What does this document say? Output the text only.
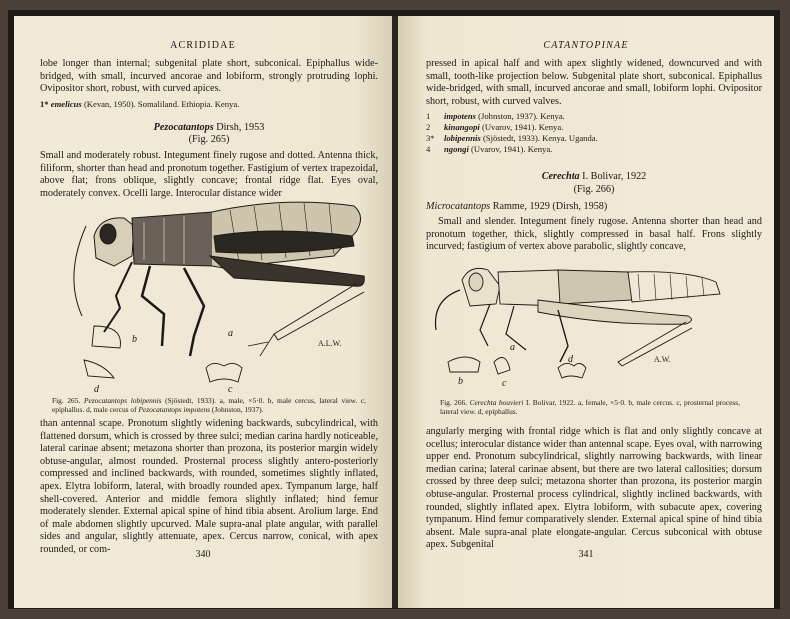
ACRIDIDAE

lobe longer than internal; subgenital plate short, subconical. Epiphallus wide-bridged, with small, incurved ancorae and lobiform, strongly protruding lophi. Ovipositor short, robust, with curved apices.

1* emelicus (Kevan, 1950). Somaliland. Ethiopia. Kenya.

Pezocatantops Dirsh, 1953

(Fig. 265)

Small and moderately robust. Integument finely rugose and dotted. Antenna thick, filiform, shorter than head and pronotum together. Fastigium of vertex trapezoidal, above flat; frons oblique, slightly concave; frontal ridge flat. Eyes oval, moderately convex. Ocelli large. Interocular distance wider

b
a
c
d
A.L.W.
Fig. 265. Pezocatantops lobipennis (Sjöstedt, 1933). a, male, ×5·0. b, male cercus, lateral view. c, epiphallus. d, male cercus of Pezocatantops impotens (Johnston, 1937).

than antennal scape. Pronotum slightly widening backwards, subcylindrical, with flattened dorsum, which is crossed by three sulci; median carina hardly noticeable, lateral carinae absent; metazona shorter than prozona, its posterior margin widely obtuse-angular, almost rounded. Prosternal process slightly antero-posteriorly compressed and inclined backwards, with rounded, sometimes slightly inflated, apex. Elytra lobiform, lateral, with broadly rounded apex. Tympanum large, half shell-covered. Anterior and middle femora slightly inflated; hind femur moderately slender. External apical spine of hind tibia absent. Arolium large. End of male abdomen slightly upcurved. Male supra-anal plate angular, with parallel sides and angular, slightly attenuate, apex. Cercus narrow, conical, with apex rounded, or com-	340
CATANTOPINAE

pressed in apical half and with apex slightly widened, downcurved and with small, tooth-like projection below. Subgenital plate short, subconical. Epiphallus wide-bridged, with small, incurved ancorae and small, lobiform lophi. Ovipositor short, robust, with curved valves.

1	impotens (Johnston, 1937). Kenya.
2	kinangopi (Uvarov, 1941). Kenya.
3* lobipennis (Sjöstedt, 1933). Kenya. Uganda.
4	ngongi (Uvarov, 1941). Kenya.

Cerechta I. Bolivar, 1922

(Fig. 266)

Microcatantops Ramme, 1929 (Dirsh, 1958)

Small and slender. Integument finely rugose. Antenna shorter than head and pronotum together, thick, slightly compressed in basal half. Frons slightly incurved; fastigium of vertex above parabolic, slightly concave,

a
b	c
d	A.W.
Fig. 266. Cerechta bouvieri I. Bolivar, 1922. a, female, ×5·0. b, male cercus. c, prosternal process, lateral view. d, epiphallus.

angularly merging with frontal ridge which is flat and only slightly concave at ocellus; interocular distance wider than antennal scape. Eyes oval, with narrowing upper end. Pronotum subcylindrical, slightly narrowing backwards, with linear median carina; lateral carinae absent, but there are two lateral callosities; dorsum crossed by three deep sulci; metazona shorter than prozona, its posterior margin obtuse-angular. Prosternal process cylindrical, slightly inclined backwards, with rounded, slightly inflated apex. Elytra lobiform, with subacute apex, covering tympanum. Hind femur comparatively slender. External apical spine of hind tibia absent. Male supra-anal plate elongate-angular. Cercus subconical with obtuse apex. Subgenital

341
